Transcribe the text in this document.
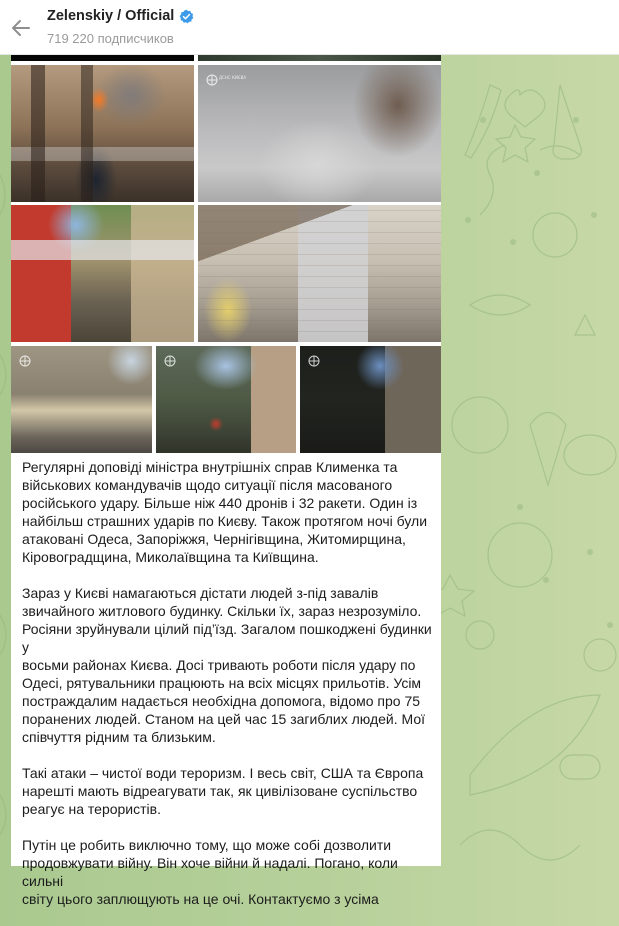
Zelenskiy / Official
719 220 подписчиков
ДСНС КИЄВА

Регулярні доповіді міністра внутрішніх справ Клименка та
військових командувачів щодо ситуації після масованого
російського удару. Більше ніж 440 дронів і 32 ракети. Один із
найбільш страшних ударів по Києву. Також протягом ночі були
атаковані Одеса, Запоріжжя, Чернігівщина, Житомирщина,
Кіровоградщина, Миколаївщина та Київщина.

Зараз у Києві намагаються дістати людей з-під завалів
звичайного житлового будинку. Скільки їх, зараз незрозуміло.
Росіяни зруйнували цілий під’їзд. Загалом пошкоджені будинки у
восьми районах Києва. Досі тривають роботи після удару по
Одесі, рятувальники працюють на всіх місцях прильотів. Усім
постраждалим надається необхідна допомога, відомо про 75
поранених людей. Станом на цей час 15 загиблих людей. Мої
співчуття рідним та близьким.

Такі атаки – чистої води тероризм. І весь світ, США та Європа
нарешті мають відреагувати так, як цивілізоване суспільство
реагує на терористів.

Путін це робить виключно тому, що може собі дозволити
продовжувати війну. Він хоче війни й надалі. Погано, коли сильні
світу цього заплющують на це очі. Контактуємо з усіма
